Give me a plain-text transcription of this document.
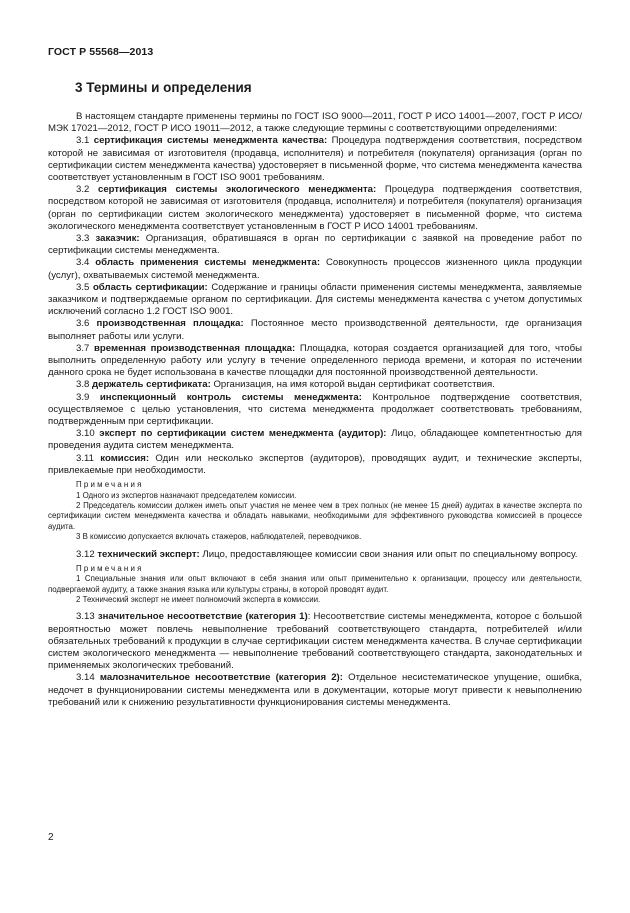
ГОСТ Р 55568—2013
3 Термины и определения

В настоящем стандарте применены термины по ГОСТ ISO 9000—2011, ГОСТ Р ИСО 14001—2007, ГОСТ Р ИСО/МЭК 17021—2012, ГОСТ Р ИСО 19011—2012, а также следующие термины с соответствующими определениями:

3.1 сертификация системы менеджмента качества: Процедура подтверждения соответствия, посредством которой не зависимая от изготовителя (продавца, исполнителя) и потребителя (покупателя) организация (орган по сертификации систем менеджмента качества) удостоверяет в письменной форме, что система менеджмента качества соответствует установленным в ГОСТ ISO 9001 требованиям.

3.2 сертификация системы экологического менеджмента: Процедура подтверждения соответствия, посредством которой не зависимая от изготовителя (продавца, исполнителя) и потребителя (покупателя) организация (орган по сертификации систем экологического менеджмента) удостоверяет в письменной форме, что система экологического менеджмента соответствует установленным в ГОСТ Р ИСО 14001 требованиям.

3.3 заказчик: Организация, обратившаяся в орган по сертификации с заявкой на проведение работ по сертификации системы менеджмента.

3.4 область применения системы менеджмента: Совокупность процессов жизненного цикла продукции (услуг), охватываемых системой менеджмента.

3.5 область сертификации: Содержание и границы области применения системы менеджмента, заявляемые заказчиком и подтверждаемые органом по сертификации. Для системы менеджмента качества с учетом допустимых исключений согласно 1.2 ГОСТ ISO 9001.

3.6 производственная площадка: Постоянное место производственной деятельности, где организация выполняет работы или услуги.

3.7 временная производственная площадка: Площадка, которая создается организацией для того, чтобы выполнить определенную работу или услугу в течение определенного периода времени, и которая по истечении данного срока не будет использована в качестве площадки для постоянной производственной деятельности.

3.8 держатель сертификата: Организация, на имя которой выдан сертификат соответствия.

3.9 инспекционный контроль системы менеджмента: Контрольное подтверждение соответствия, осуществляемое с целью установления, что система менеджмента продолжает соответствовать требованиям, подтвержденным при сертификации.

3.10 эксперт по сертификации систем менеджмента (аудитор): Лицо, обладающее компетентностью для проведения аудита систем менеджмента.

3.11 комиссия: Один или несколько экспертов (аудиторов), проводящих аудит, и технические эксперты, привлекаемые при необходимости.

Примечания

1 Одного из экспертов назначают председателем комиссии.

2 Председатель комиссии должен иметь опыт участия не менее чем в трех полных (не менее 15 дней) аудитах в качестве эксперта по сертификации систем менеджмента качества и обладать навыками, необходимыми для эффективного руководства комиссией в процессе аудита.

3 В комиссию допускается включать стажеров, наблюдателей, переводчиков.

3.12 технический эксперт: Лицо, предоставляющее комиссии свои знания или опыт по специальному вопросу.

Примечания

1 Специальные знания или опыт включают в себя знания или опыт применительно к организации, процессу или деятельности, подвергаемой аудиту, а также знания языка или культуры страны, в которой проводят аудит.

2 Технический эксперт не имеет полномочий эксперта в комиссии.

3.13 значительное несоответствие (категория 1): Несоответствие системы менеджмента, которое с большой вероятностью может повлечь невыполнение требований соответствующего стандарта, потребителей и/или обязательных требований к продукции в случае сертификации систем менеджмента качества. В случае сертификации систем экологического менеджмента — невыполнение требований соответствующего стандарта, законодательных и применяемых экологических требований.

3.14 малозначительное несоответствие (категория 2): Отдельное несистематическое упущение, ошибка, недочет в функционировании системы менеджмента или в документации, которые могут привести к невыполнению требований или к снижению результативности функционирования системы менеджмента.

2
